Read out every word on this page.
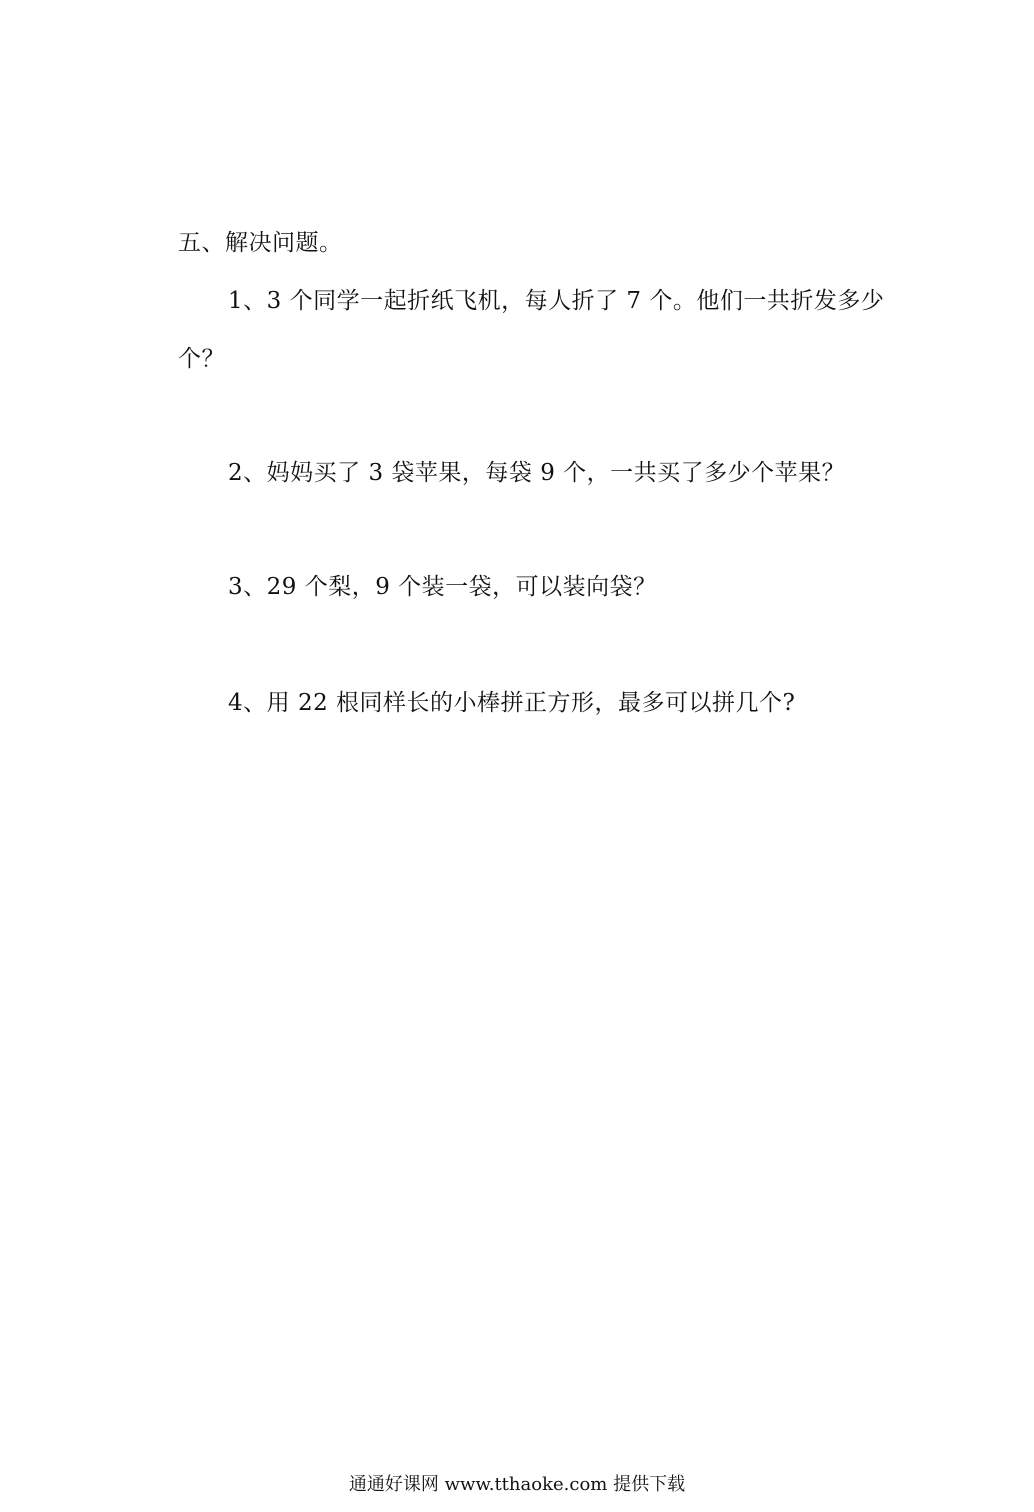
五、解决问题。
1、3 个同学一起折纸飞机，每人折了 7 个。他们一共折发多少
个？
2、妈妈买了 3 袋苹果，每袋 9 个，一共买了多少个苹果？
3、29 个梨，9 个装一袋，可以装向袋？
4、用 22 根同样长的小棒拼正方形，最多可以拼几个?
通通好课网 www.tthaoke.com 提供下载
